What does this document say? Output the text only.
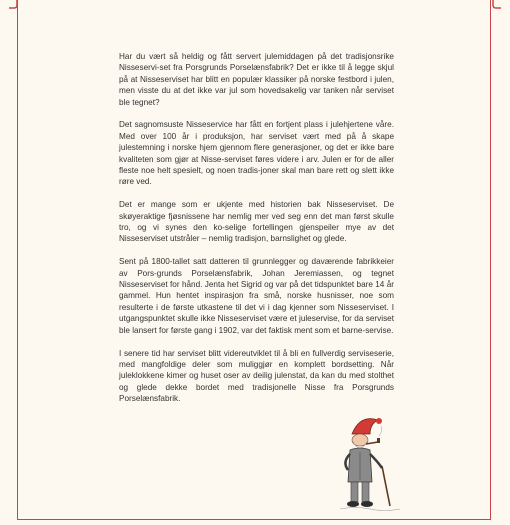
Har du vært så heldig og fått servert julemiddagen på det tradisjonsrike Nisseservi-set fra Porsgrunds Porselænsfabrik? Det er ikke til å legge skjul på at Nisseserviset har blitt en populær klassiker på norske festbord i julen, men visste du at det ikke var jul som hovedsakelig var tanken når serviset ble tegnet?

Det sagnomsuste Nisseservice har fått en fortjent plass i julehjertene våre. Med over 100 år i produksjon, har serviset vært med på å skape julestemning i norske hjem gjennom flere generasjoner, og det er ikke bare kvaliteten som gjør at Nisse-serviset føres videre i arv. Julen er for de aller fleste noe helt spesielt, og noen tradis-joner skal man bare rett og slett ikke røre ved.

Det er mange som er ukjente med historien bak Nisseserviset. De skøyeraktige fjøsnissene har nemlig mer ved seg enn det man først skulle tro, og vi synes den ko-selige fortellingen gjenspeiler mye av det Nisseserviset utstråler – nemlig tradisjon, barnslighet og glede.

Sent på 1800-tallet satt datteren til grunnlegger og daværende fabrikkeier av Pors-grunds Porselænsfabrik, Johan Jeremiassen, og tegnet Nisseserviset for hånd. Jenta het Sigrid og var på det tidspunktet bare 14 år gammel. Hun hentet inspirasjon fra små, norske husnisser, noe som resulterte i de første utkastene til det vi i dag kjenner som Nisseserviset. I utgangspunktet skulle ikke Nisseserviset være et juleservise, for da serviset ble lansert for første gang i 1902, var det faktisk ment som et barne-servise.

I senere tid har serviset blitt videreutviklet til å bli en fullverdig serviseserie, med mangfoldige deler som muliggjør en komplett bordsetting. Når juleklokkene kimer og huset oser av deilig julenstat, da kan du med stolthet og glede dekke bordet med tradisjonelle Nisse fra Porsgrunds Porselænsfabrik.
